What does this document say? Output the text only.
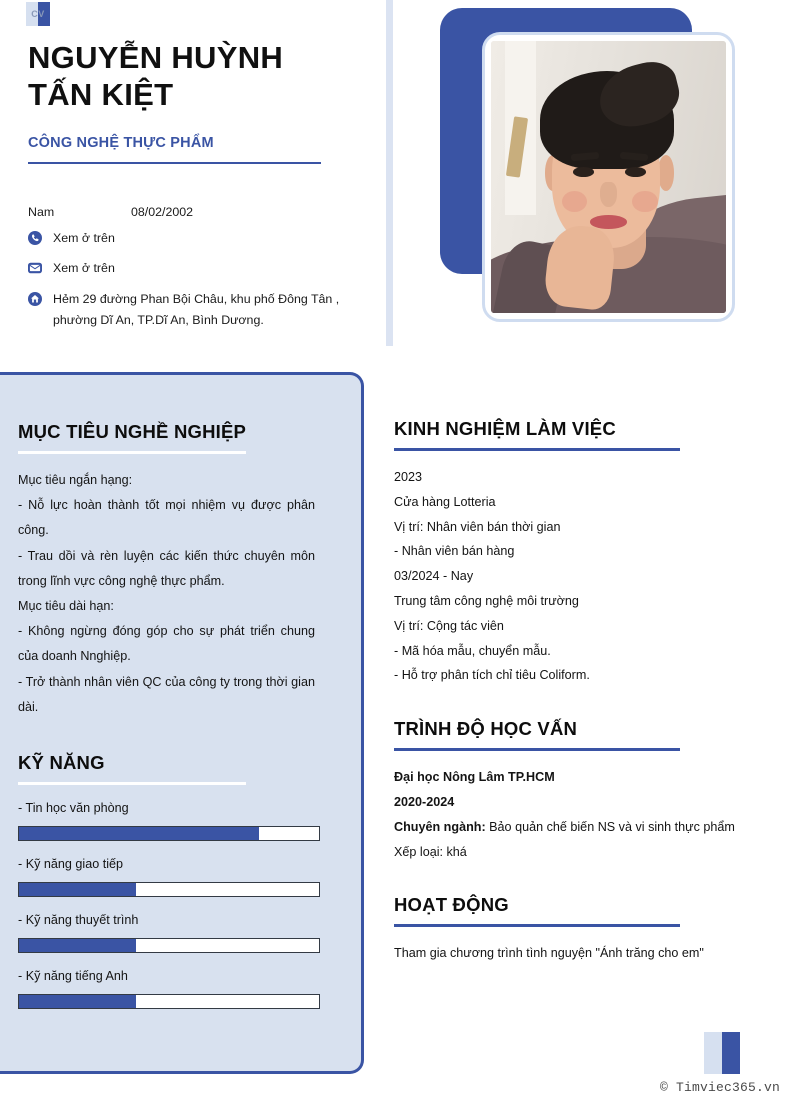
CV
NGUYỄN HUỲNH
TẤN KIỆT
CÔNG NGHỆ THỰC PHẨM
Nam	08/02/2002
Xem ở trên
Xem ở trên
Hẻm 29 đường Phan Bội Châu, khu phố Đông Tân , phường Dĩ An, TP.Dĩ An, Bình Dương.
MỤC TIÊU NGHỀ NGHIỆP

Mục tiêu ngắn hạng:

- Nỗ lực hoàn thành tốt mọi nhiệm vụ được phân công.

- Trau dồi và rèn luyện các kiến thức chuyên môn trong lĩnh vực công nghệ thực phẩm.

Mục tiêu dài hạn:

- Không ngừng đóng góp cho sự phát triển chung của doanh Nnghiệp.

- Trở thành nhân viên QC của công ty trong thời gian dài.

KỸ NĂNG
- Tin học văn phòng
- Kỹ năng giao tiếp
- Kỹ năng thuyết trình
- Kỹ năng tiếng Anh
KINH NGHIỆM LÀM VIỆC

2023

Cửa hàng Lotteria

Vị trí: Nhân viên bán thời gian

- Nhân viên bán hàng

03/2024 - Nay

Trung tâm công nghệ môi trường

Vị trí: Cộng tác viên

- Mã hóa mẫu, chuyển mẫu.

- Hỗ trợ phân tích chỉ tiêu Coliform.

TRÌNH ĐỘ HỌC VẤN

Đại học Nông Lâm TP.HCM

2020-2024

Chuyên ngành: Bảo quản chế biến NS và vi sinh thực phẩm

Xếp loại: khá

HOẠT ĐỘNG

Tham gia chương trình tình nguyện "Ánh trăng cho em"

© Timviec365.vn
